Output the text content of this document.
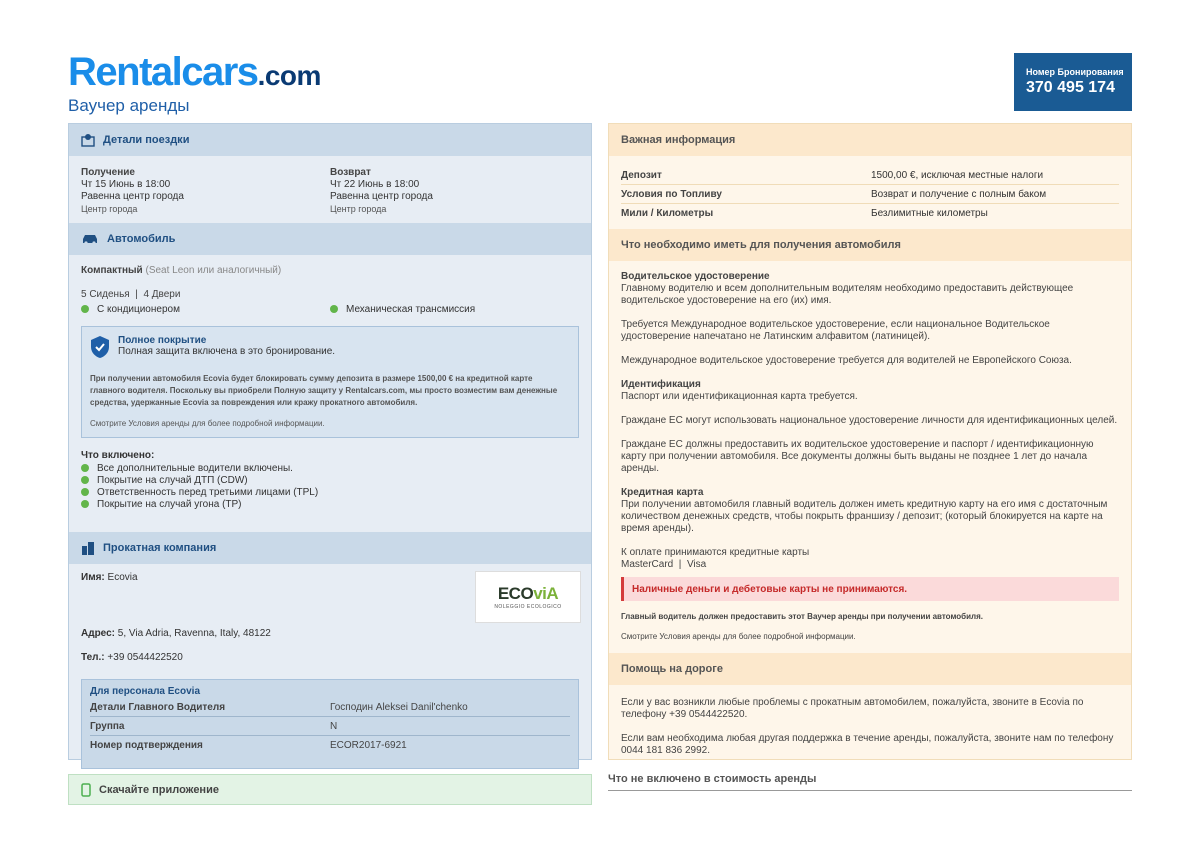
Rentalcars.com
Ваучер аренды
Номер Бронирования
370 495 174
Детали поездки
Получение
Чт 15 Июнь в 18:00
Равенна центр города
Центр города
Возврат
Чт 22 Июнь в 18:00
Равенна центр города
Центр города
Автомобиль
Компактный (Seat Leon или аналогичный)
5 Сиденья | 4 Двери
С кондиционером	Механическая трансмиссия
Полное покрытие
Полная защита включена в это бронирование.
При получении автомобиля Ecovia будет блокировать сумму депозита в размере 1500,00 € на кредитной карте главного водителя. Поскольку вы приобрели Полную защиту у Rentalcars.com, мы просто возместим вам денежные средства, удержанные Ecovia за повреждения или кражу прокатного автомобиля.
Смотрите Условия аренды для более подробной информации.
Что включено:
Все дополнительные водители включены.
Покрытие на случай ДТП (CDW)
Ответственность перед третьими лицами (TPL)
Покрытие на случай угона (TP)
Прокатная компания
Имя: Ecovia
ECOviA
NOLEGGIO ECOLOGICO
Адрес: 5, Via Adria, Ravenna, Italy, 48122
Тел.: +39 0544422520
Для персонала Ecovia
Детали Главного Водителя	Господин Aleksei Danil'chenko
Группа	N
Номер подтверждения	ECOR2017-6921
Скачайте приложение
Важная информация
Депозит	1500,00 €, исключая местные налоги
Условия по Топливу	Возврат и получение с полным баком
Мили / Километры	Безлимитные километры
Что необходимо иметь для получения автомобиля
Водительское удостоверение

Главному водителю и всем дополнительным водителям необходимо предоставить действующее водительское удостоверение на его (их) имя.

Требуется Международное водительское удостоверение, если национальное Водительское удостоверение напечатано не Латинским алфавитом (латиницей).

Международное водительское удостоверение требуется для водителей не Европейского Союза.

Идентификация

Паспорт или идентификационная карта требуется.

Граждане ЕС могут использовать национальное удостоверение личности для идентификационных целей.

Граждане ЕС должны предоставить их водительское удостоверение и паспорт / идентификационную карту при получении автомобиля. Все документы должны быть выданы не позднее 1 лет до начала аренды.

Кредитная карта

При получении автомобиля главный водитель должен иметь кредитную карту на его имя с достаточным количеством денежных средств, чтобы покрыть франшизу / депозит; (который блокируется на карте на время аренды).

К оплате принимаются кредитные карты
MasterCard  |  Visa
Наличные деньги и дебетовые карты не принимаются.
Главный водитель должен предоставить этот Ваучер аренды при получении автомобиля.
Смотрите Условия аренды для более подробной информации.
Помощь на дороге

Если у вас возникли любые проблемы с прокатным автомобилем, пожалуйста, звоните в Ecovia по телефону +39 0544422520.

Если вам необходима любая другая поддержка в течение аренды, пожалуйста, звоните нам по телефону 0044 181 836 2992.

Что не включено в стоимость аренды
